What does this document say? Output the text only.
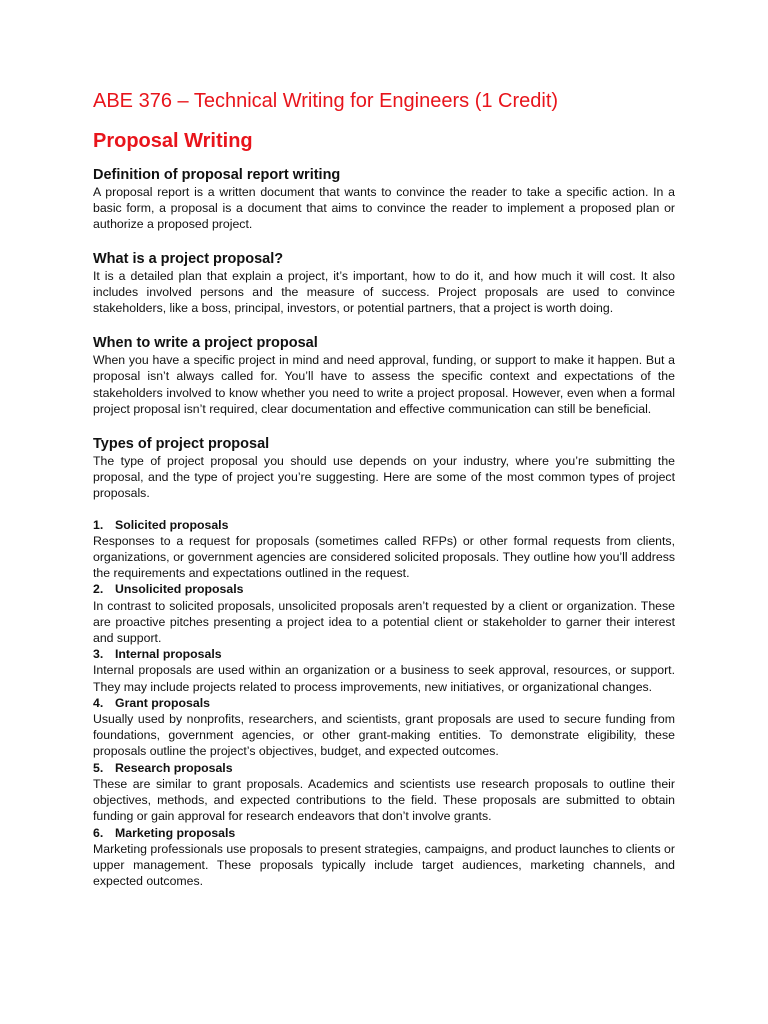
ABE 376 – Technical Writing for Engineers (1 Credit)
Proposal Writing
Definition of proposal report writing

A proposal report is a written document that wants to convince the reader to take a specific action. In a basic form, a proposal is a document that aims to convince the reader to implement a proposed plan or authorize a proposed project.

What is a project proposal?

It is a detailed plan that explain a project, it’s important, how to do it, and how much it will cost. It also includes involved persons and the measure of success. Project proposals are used to convince stakeholders, like a boss, principal, investors, or potential partners, that a project is worth doing.

When to write a project proposal

When you have a specific project in mind and need approval, funding, or support to make it happen. But a proposal isn’t always called for. You’ll have to assess the specific context and expectations of the stakeholders involved to know whether you need to write a project proposal. However, even when a formal project proposal isn’t required, clear documentation and effective communication can still be beneficial.

Types of project proposal

The type of project proposal you should use depends on your industry, where you’re submitting the proposal, and the type of project you’re suggesting. Here are some of the most common types of project proposals.

1. Solicited proposals

Responses to a request for proposals (sometimes called RFPs) or other formal requests from clients, organizations, or government agencies are considered solicited proposals. They outline how you’ll address the requirements and expectations outlined in the request.

2. Unsolicited proposals

In contrast to solicited proposals, unsolicited proposals aren’t requested by a client or organization. These are proactive pitches presenting a project idea to a potential client or stakeholder to garner their interest and support.

3. Internal proposals

Internal proposals are used within an organization or a business to seek approval, resources, or support. They may include projects related to process improvements, new initiatives, or organizational changes.

4. Grant proposals

Usually used by nonprofits, researchers, and scientists, grant proposals are used to secure funding from foundations, government agencies, or other grant-making entities. To demonstrate eligibility, these proposals outline the project’s objectives, budget, and expected outcomes.

5. Research proposals

These are similar to grant proposals. Academics and scientists use research proposals to outline their objectives, methods, and expected contributions to the field. These proposals are submitted to obtain funding or gain approval for research endeavors that don’t involve grants.

6. Marketing proposals

Marketing professionals use proposals to present strategies, campaigns, and product launches to clients or upper management. These proposals typically include target audiences, marketing channels, and expected outcomes.
